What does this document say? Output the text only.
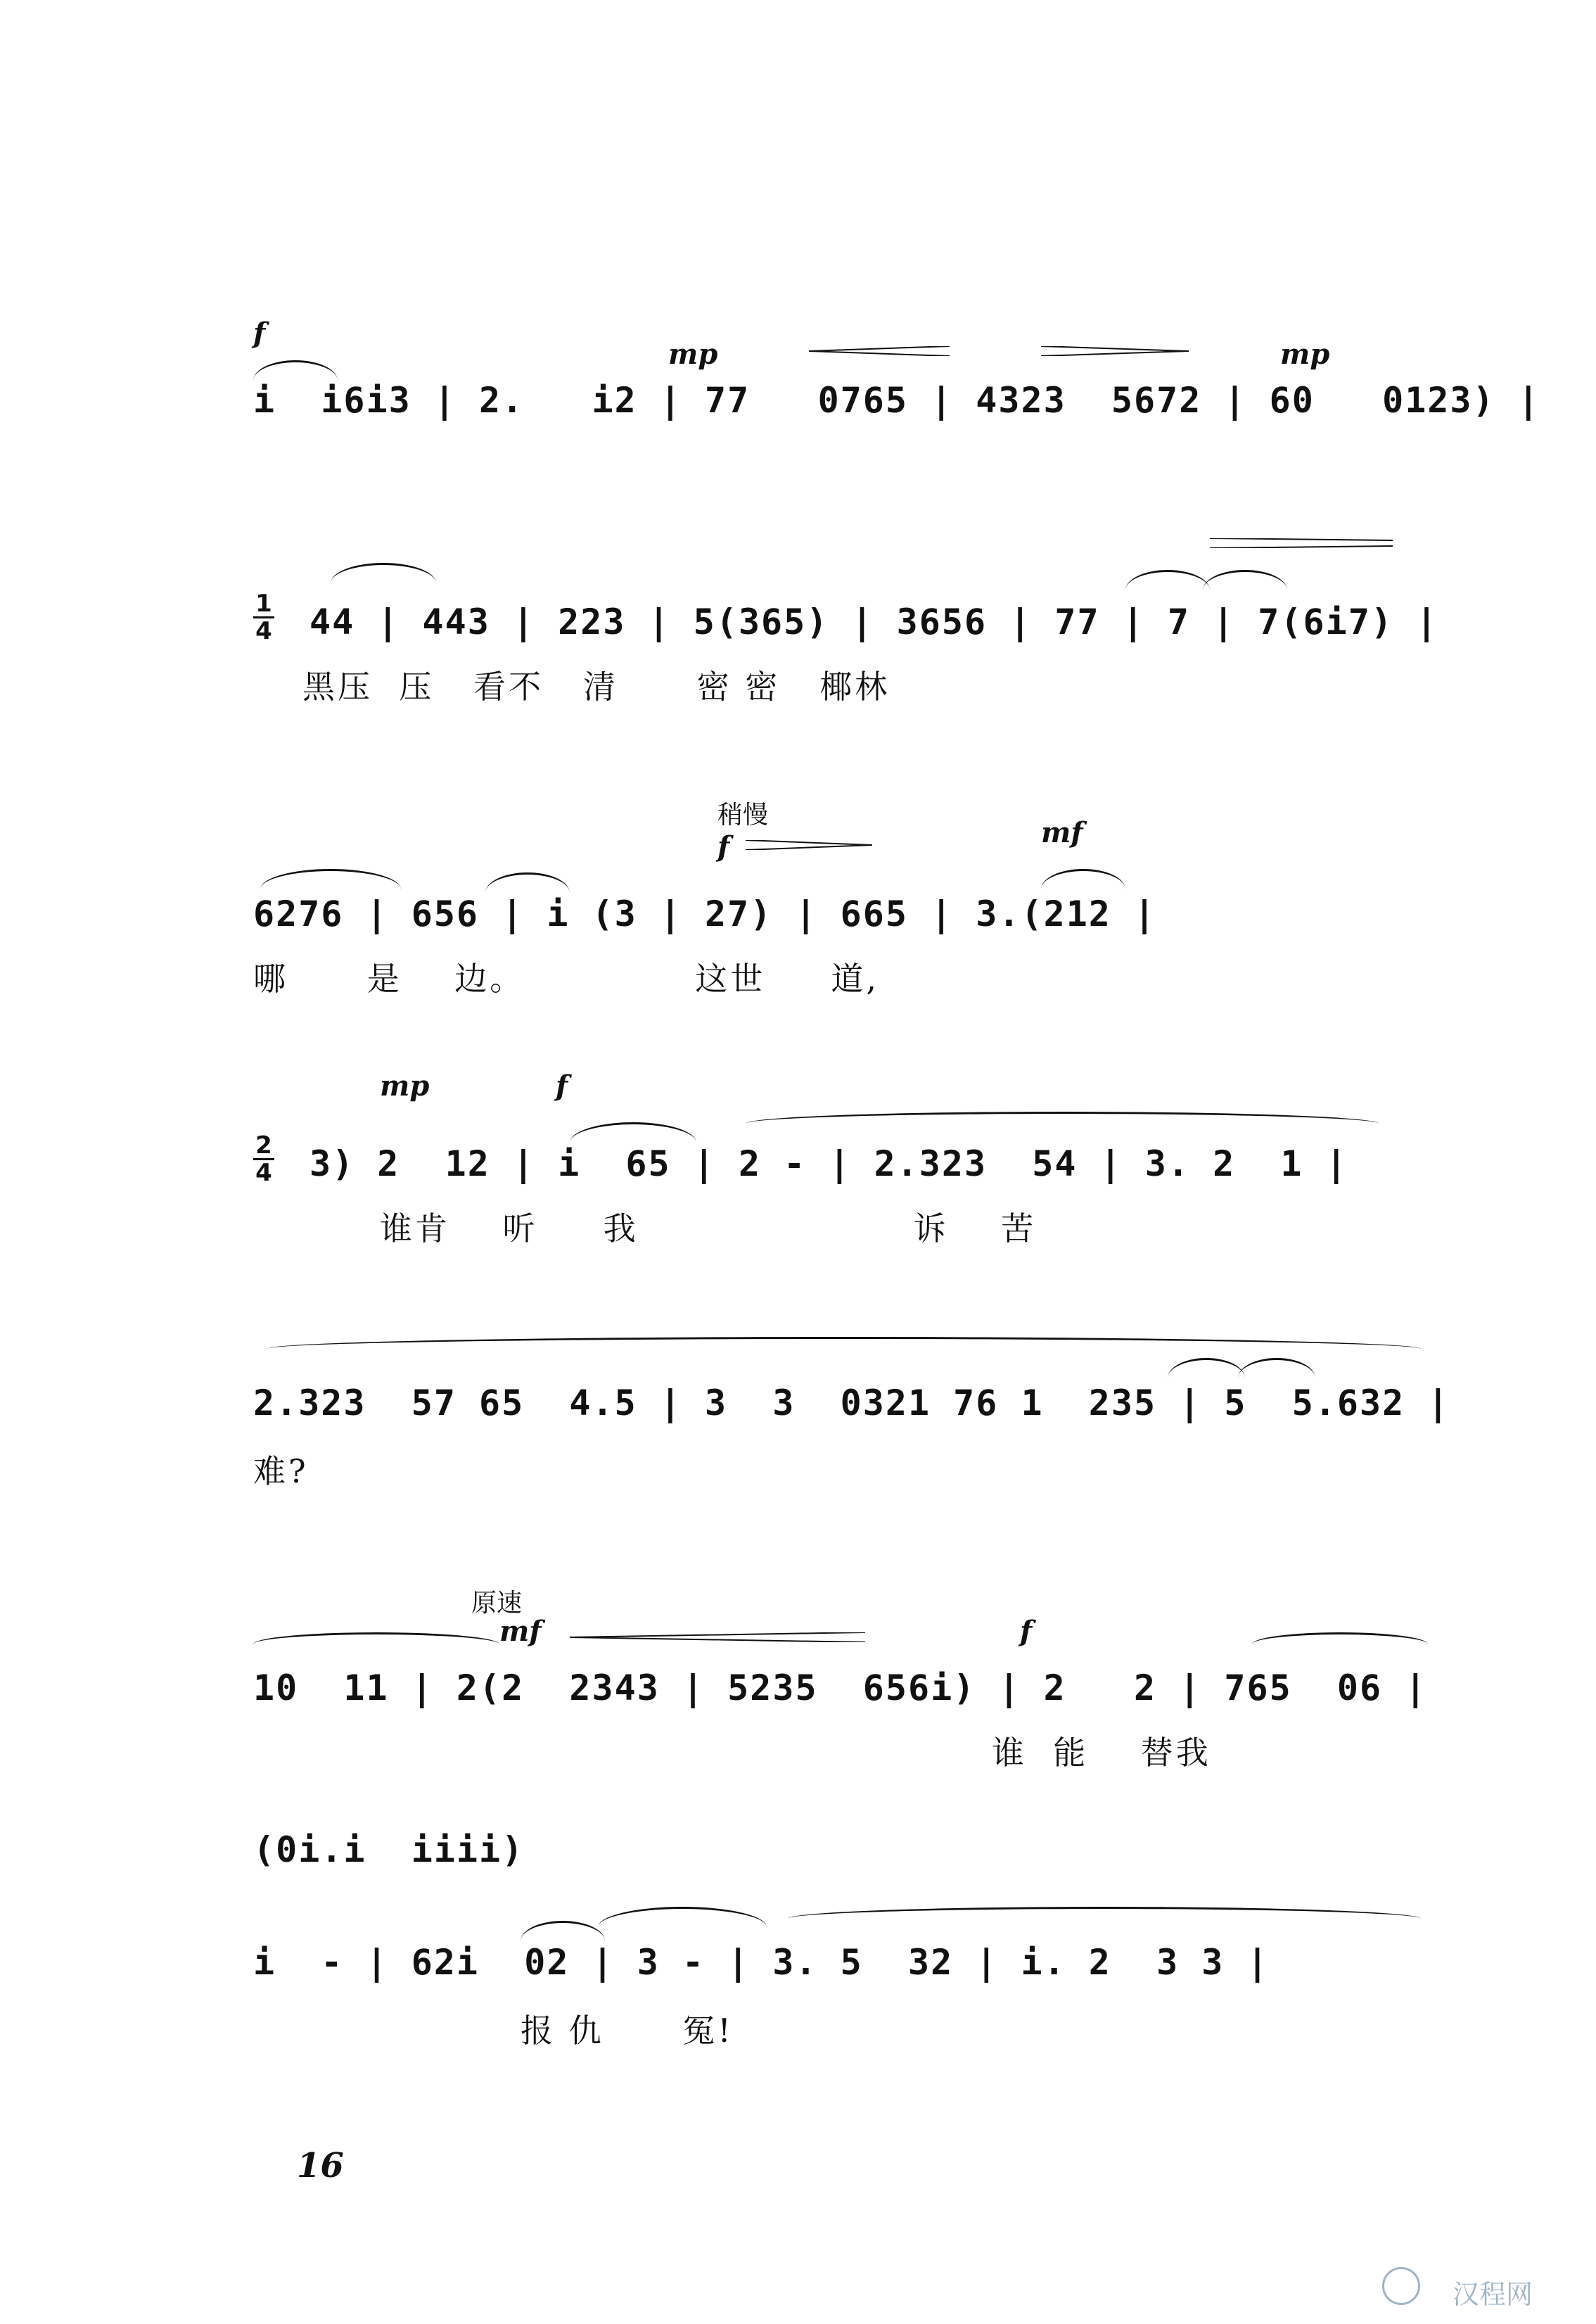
f
mp	mp
i  i6i3 | 2.   i2 | 77   0765 | 4323  5672 | 60   0123) |
1
4 44 | 443 | 223 | 5(365) | 3656 | 77 | 7 | 7(6i7) |
黑压  压   看不   清      密 密   椰林
稍慢
f	mf
6276 | 656 | i (3 | 27) | 665 | 3.(212 |
哪      是    边。             这世     道,
mp	f
2
4 3) 2  12 | i  65 | 2 - | 2.323  54 | 3. 2  1 |
谁肯    听     我                     诉    苦
2.323  57 65  4.5 | 3  3  0321 76 1  235 | 5  5.632 |
难?
原速
mf	f
10  11 | 2(2  2343 | 5235  656i) | 2   2 | 765  06 |
谁  能    替我
(0i.i  iiii)
i  - | 62i  02 | 3 - | 3. 5  32 | i. 2  3 3 |
报 仇      冤!
16
汉程网
